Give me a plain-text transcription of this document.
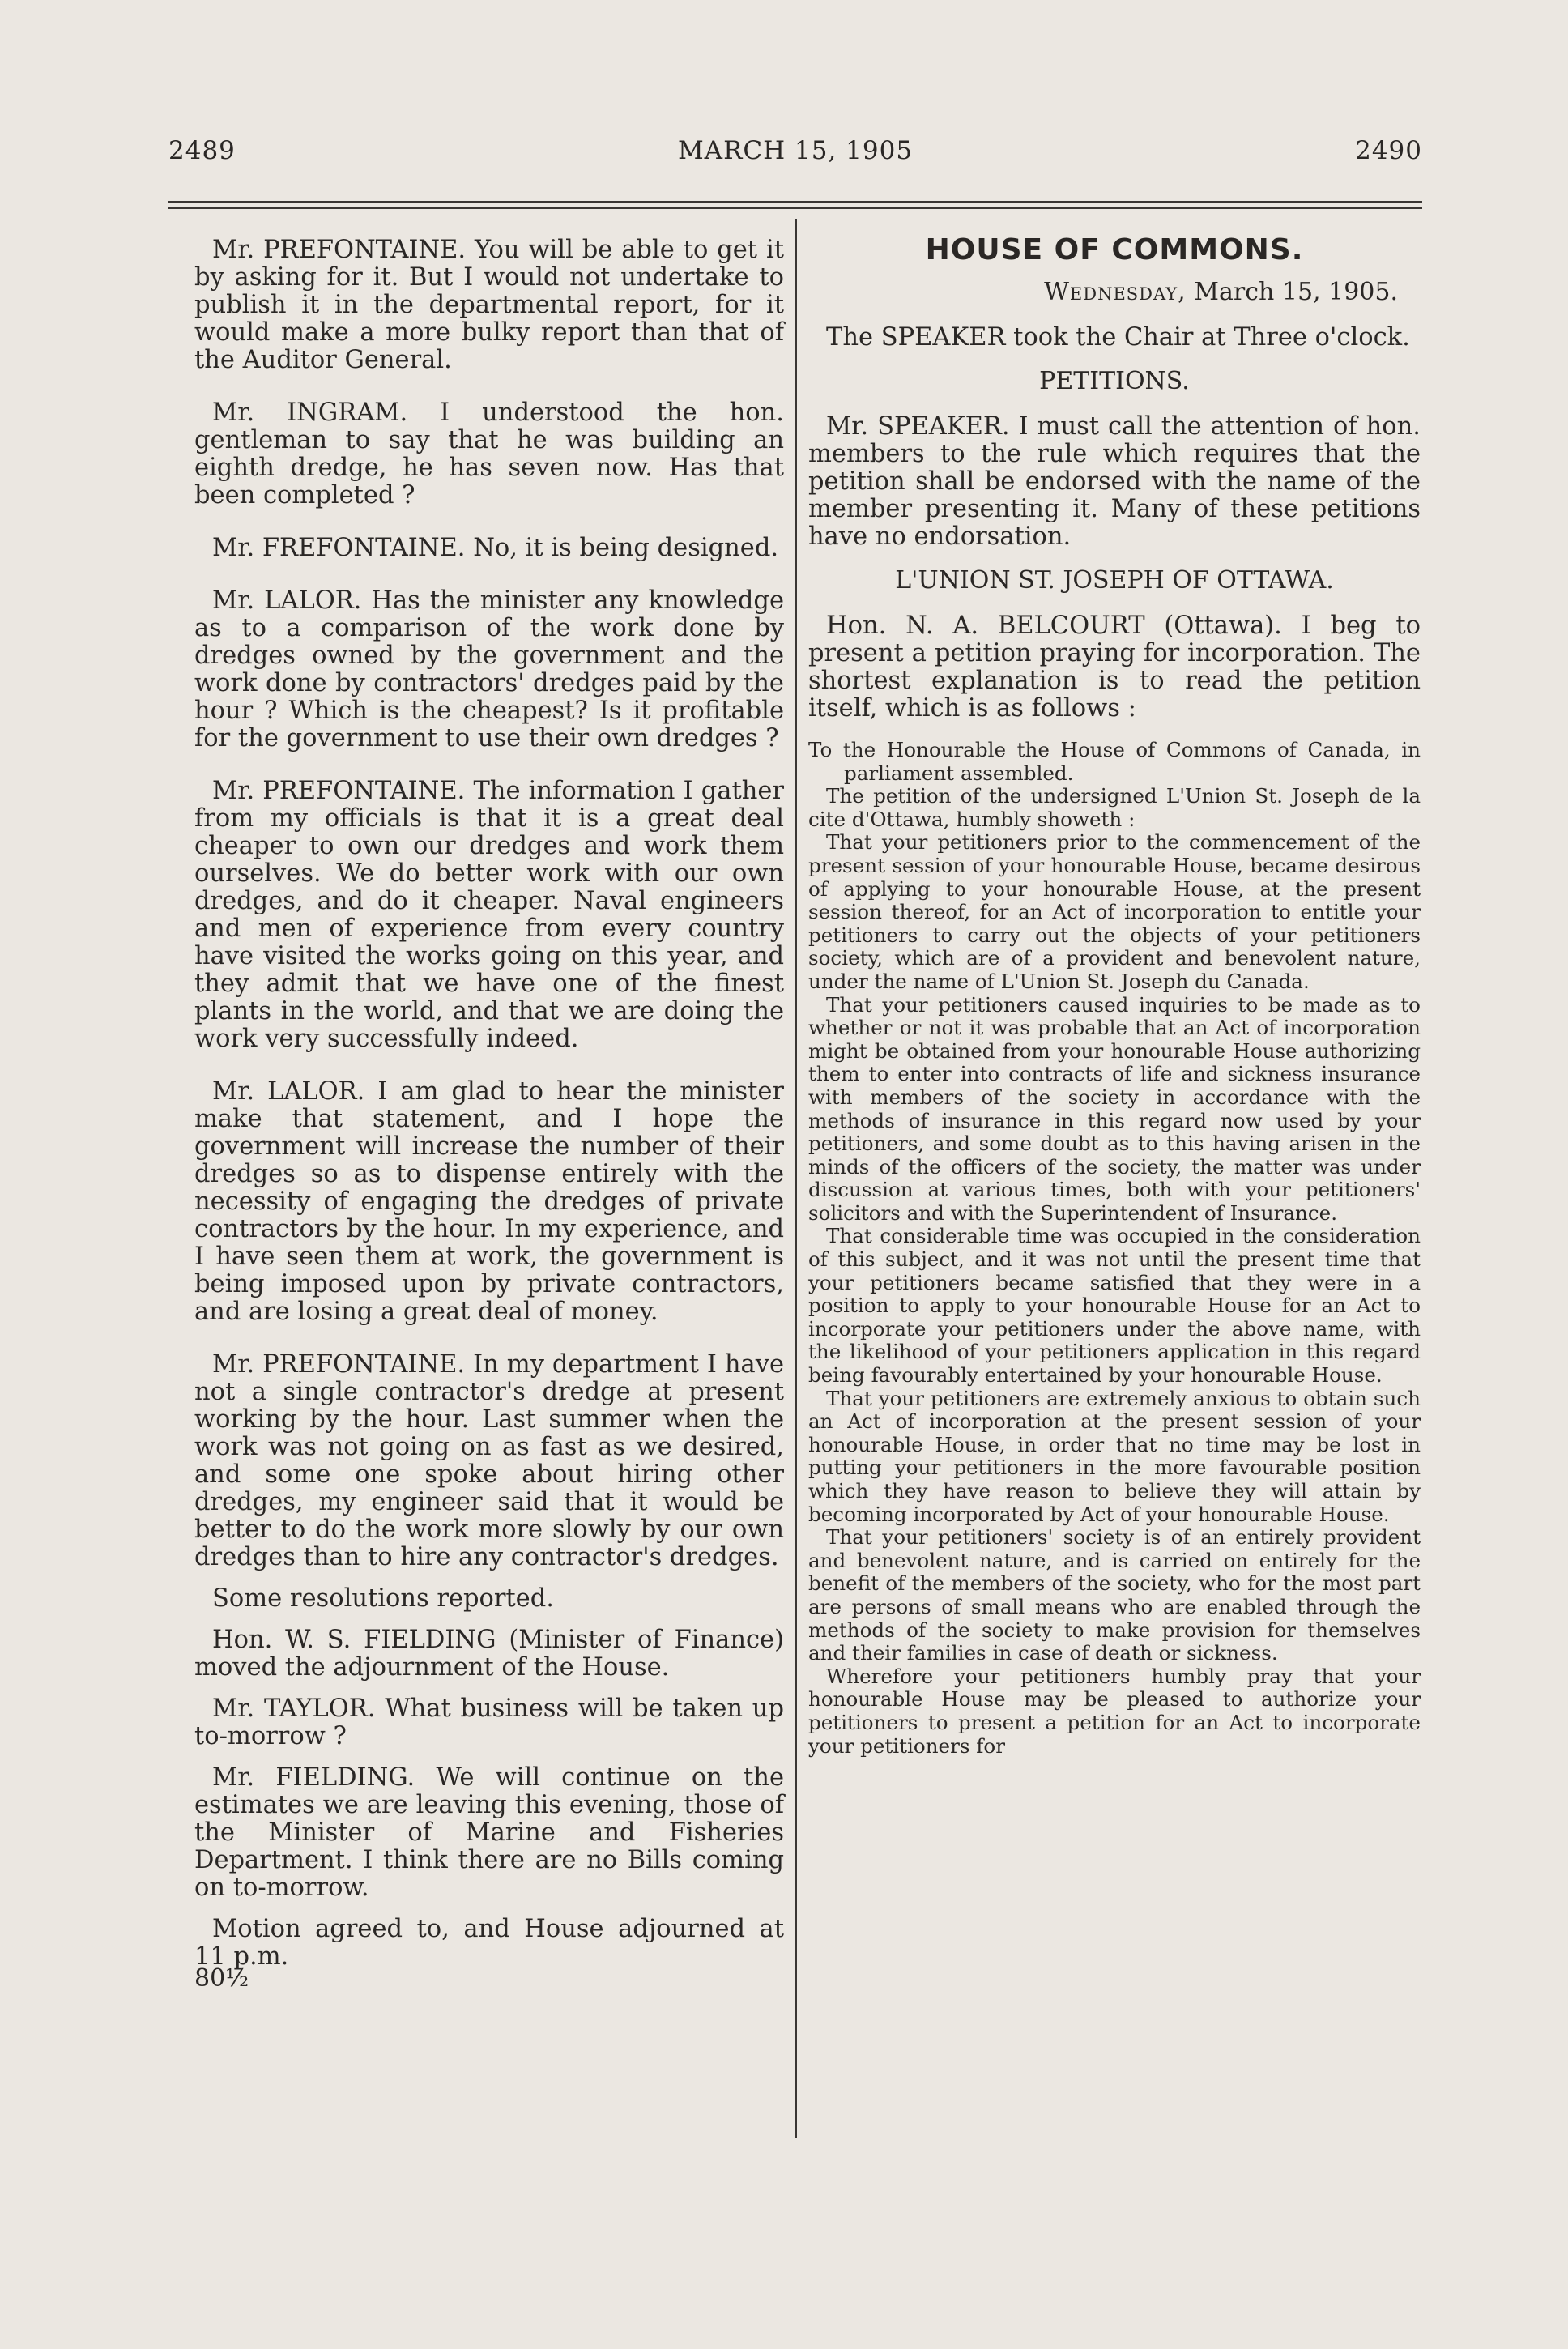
2489	MARCH 15, 1905	2490

Mr. PREFONTAINE. You will be able to get it by asking for it. But I would not undertake to publish it in the departmental report, for it would make a more bulky report than that of the Auditor General.

Mr. INGRAM. I understood the hon. gentleman to say that he was building an eighth dredge, he has seven now. Has that been completed ?

Mr. FREFONTAINE. No, it is being designed.

Mr. LALOR. Has the minister any knowledge as to a comparison of the work done by dredges owned by the government and the work done by contractors' dredges paid by the hour ? Which is the cheapest? Is it profitable for the government to use their own dredges ?

Mr. PREFONTAINE. The information I gather from my officials is that it is a great deal cheaper to own our dredges and work them ourselves. We do better work with our own dredges, and do it cheaper. Naval engineers and men of experience from every country have visited the works going on this year, and they admit that we have one of the finest plants in the world, and that we are doing the work very successfully indeed.

Mr. LALOR. I am glad to hear the minister make that statement, and I hope the government will increase the number of their dredges so as to dispense entirely with the necessity of engaging the dredges of private contractors by the hour. In my experience, and I have seen them at work, the government is being imposed upon by private contractors, and are losing a great deal of money.

Mr. PREFONTAINE. In my department I have not a single contractor's dredge at present working by the hour. Last summer when the work was not going on as fast as we desired, and some one spoke about hiring other dredges, my engineer said that it would be better to do the work more slowly by our own dredges than to hire any contractor's dredges.

Some resolutions reported.

Hon. W. S. FIELDING (Minister of Finance) moved the adjournment of the House.

Mr. TAYLOR. What business will be taken up to-morrow ?

Mr. FIELDING. We will continue on the estimates we are leaving this evening, those of the Minister of Marine and Fisheries Department. I think there are no Bills coming on to-morrow.

Motion agreed to, and House adjourned at 11 p.m.

80½

HOUSE OF COMMONS.

Wednesday, March 15, 1905.

The SPEAKER took the Chair at Three o'clock.

PETITIONS.

Mr. SPEAKER. I must call the attention of hon. members to the rule which requires that the petition shall be endorsed with the name of the member presenting it. Many of these petitions have no endorsation.

L'UNION ST. JOSEPH OF OTTAWA.

Hon. N. A. BELCOURT (Ottawa). I beg to present a petition praying for incorporation. The shortest explanation is to read the petition itself, which is as follows :

To the Honourable the House of Commons of Canada, in parliament assembled.

The petition of the undersigned L'Union St. Joseph de la cite d'Ottawa, humbly showeth :

That your petitioners prior to the commencement of the present session of your honourable House, became desirous of applying to your honourable House, at the present session thereof, for an Act of incorporation to entitle your petitioners to carry out the objects of your petitioners society, which are of a provident and benevolent nature, under the name of L'Union St. Joseph du Canada.

That your petitioners caused inquiries to be made as to whether or not it was probable that an Act of incorporation might be obtained from your honourable House authorizing them to enter into contracts of life and sickness insurance with members of the society in accordance with the methods of insurance in this regard now used by your petitioners, and some doubt as to this having arisen in the minds of the officers of the society, the matter was under discussion at various times, both with your petitioners' solicitors and with the Superintendent of Insurance.

That considerable time was occupied in the consideration of this subject, and it was not until the present time that your petitioners became satisfied that they were in a position to apply to your honourable House for an Act to incorporate your petitioners under the above name, with the likelihood of your petitioners application in this regard being favourably entertained by your honourable House.

That your petitioners are extremely anxious to obtain such an Act of incorporation at the present session of your honourable House, in order that no time may be lost in putting your petitioners in the more favourable position which they have reason to believe they will attain by becoming incorporated by Act of your honourable House.

That your petitioners' society is of an entirely provident and benevolent nature, and is carried on entirely for the benefit of the members of the society, who for the most part are persons of small means who are enabled through the methods of the society to make provision for themselves and their families in case of death or sickness.

Wherefore your petitioners humbly pray that your honourable House may be pleased to authorize your petitioners to present a petition for an Act to incorporate your petitioners for
